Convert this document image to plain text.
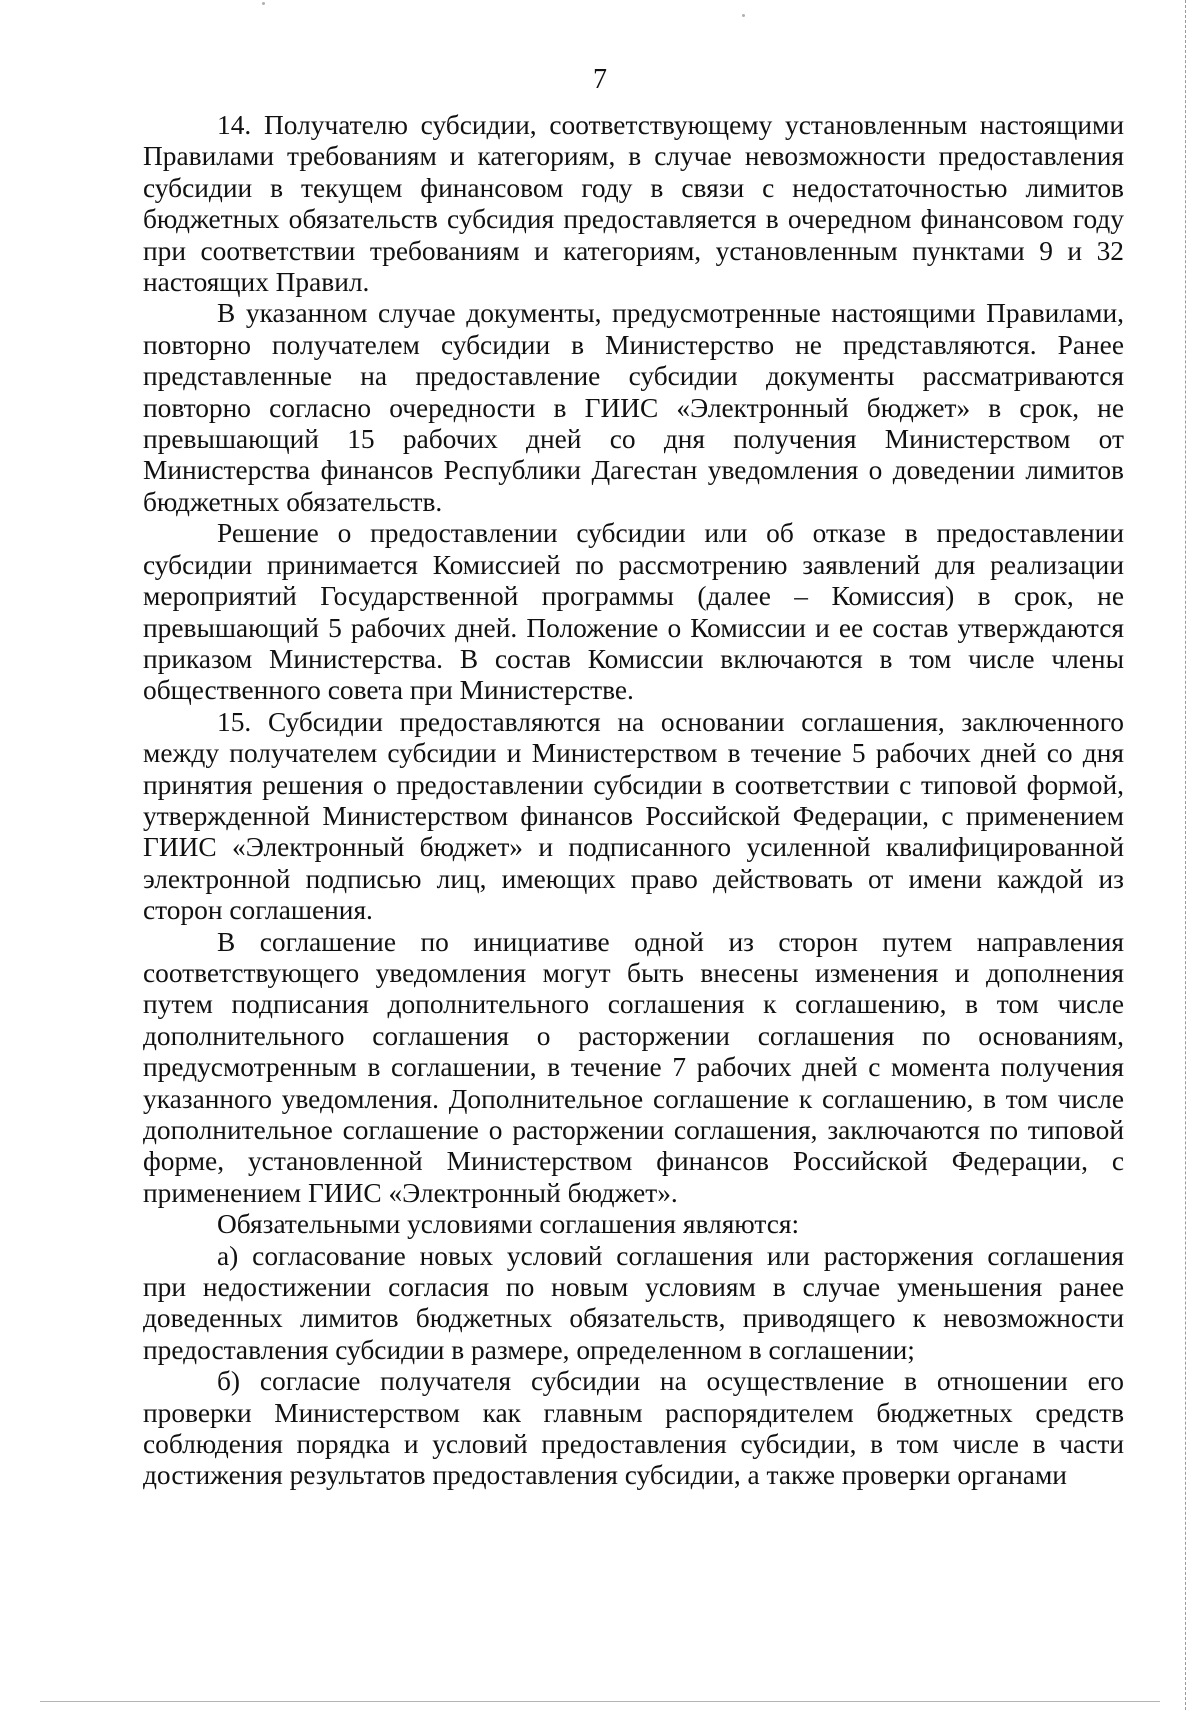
7

14. Получателю субсидии, соответствующему установленным настоящими Правилами требованиям и категориям, в случае невозможности предоставления субсидии в текущем финансовом году в связи с недостаточностью лимитов бюджетных обязательств субсидия предоставляется в очередном финансовом году при соответствии требованиям и категориям, установленным пунктами 9 и 32 настоящих Правил.

В указанном случае документы, предусмотренные настоящими Правилами, повторно получателем субсидии в Министерство не представляются. Ранее представленные на предоставление субсидии документы рассматриваются повторно согласно очередности в ГИИС «Электронный бюджет» в срок, не превышающий 15 рабочих дней со дня получения Министерством от Министерства финансов Республики Дагестан уведомления о доведении лимитов бюджетных обязательств.

Решение о предоставлении субсидии или об отказе в предоставлении субсидии принимается Комиссией по рассмотрению заявлений для реализации мероприятий Государственной программы (далее – Комиссия) в срок, не превышающий 5 рабочих дней. Положение о Комиссии и ее состав утверждаются приказом Министерства. В состав Комиссии включаются в том числе члены общественного совета при Министерстве.

15. Субсидии предоставляются на основании соглашения, заключенного между получателем субсидии и Министерством в течение 5 рабочих дней со дня принятия решения о предоставлении субсидии в соответствии с типовой формой, утвержденной Министерством финансов Российской Федерации, с применением ГИИС «Электронный бюджет» и подписанного усиленной квалифицированной электронной подписью лиц, имеющих право действовать от имени каждой из сторон соглашения.

В соглашение по инициативе одной из сторон путем направления соответствующего уведомления могут быть внесены изменения и дополнения путем подписания дополнительного соглашения к соглашению, в том числе дополнительного соглашения о расторжении соглашения по основаниям, предусмотренным в соглашении, в течение 7 рабочих дней с момента получения указанного уведомления. Дополнительное соглашение к соглашению, в том числе дополнительное соглашение о расторжении соглашения, заключаются по типовой форме, установленной Министерством финансов Российской Федерации, с применением ГИИС «Электронный бюджет».

Обязательными условиями соглашения являются:

а) согласование новых условий соглашения или расторжения соглашения при недостижении согласия по новым условиям в случае уменьшения ранее доведенных лимитов бюджетных обязательств, приводящего к невозможности предоставления субсидии в размере, определенном в соглашении;

б) согласие получателя субсидии на осуществление в отношении его проверки Министерством как главным распорядителем бюджетных средств соблюдения порядка и условий предоставления субсидии, в том числе в части достижения результатов предоставления субсидии, а также проверки органами
